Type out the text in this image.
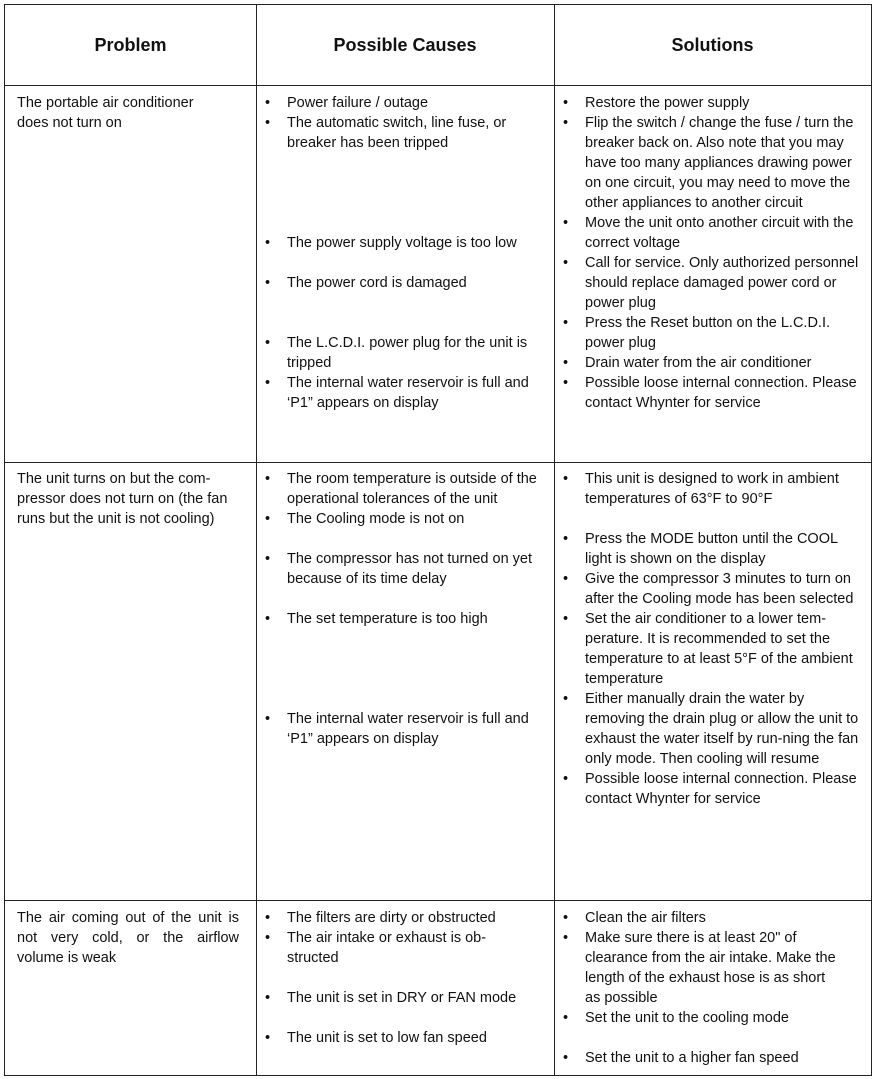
Problem	Possible Causes	Solutions
The portable air conditioner
does not turn on
• Power failure / outage
• The automatic switch, line fuse, or breaker has been tripped
• The power supply voltage is too low
• The power cord is damaged
• The L.C.D.I. power plug for the unit is tripped
• The internal water reservoir is full and ‘P1” appears on display
• Restore the power supply
• Flip the switch / change the fuse / turn the breaker back on. Also note that you may have too many appliances drawing power on one circuit, you may need to move the other appliances to another circuit
• Move the unit onto another circuit with the correct voltage
• Call for service. Only authorized personnel should replace damaged power cord or power plug
• Press the Reset button on the L.C.D.I. power plug
• Drain water from the air conditioner
• Possible loose internal connection. Please contact Whynter for service
The unit turns on but the com-
pressor does not turn on (the fan
runs but the unit is not cooling)
• The room temperature is outside of the operational tolerances of the unit
• The Cooling mode is not on
• The compressor has not turned on yet because of its time delay
• The set temperature is too high
• The internal water reservoir is full and ‘P1” appears on display
• This unit is designed to work in ambient temperatures of 63°F to 90°F
• Press the MODE button until the COOL light is shown on the display
• Give the compressor 3 minutes to turn on after the Cooling mode has been selected
• Set the air conditioner to a lower tem-perature. It is recommended to set the temperature to at least 5°F of the ambient temperature
• Either manually drain the water by removing the drain plug or allow the unit to exhaust the water itself by run-ning the fan only mode. Then cooling will resume
• Possible loose internal connection. Please contact Whynter for service
The air coming out of the unit is not very cold, or the airflow volume is weak
• The filters are dirty or obstructed
• The air intake or exhaust is ob-structed
• The unit is set in DRY or FAN mode
• The unit is set to low fan speed
• Clean the air filters
• Make sure there is at least 20" of clearance from the air intake. Make the length of the exhaust hose is as short as possible
• Set the unit to the cooling mode
• Set the unit to a higher fan speed
